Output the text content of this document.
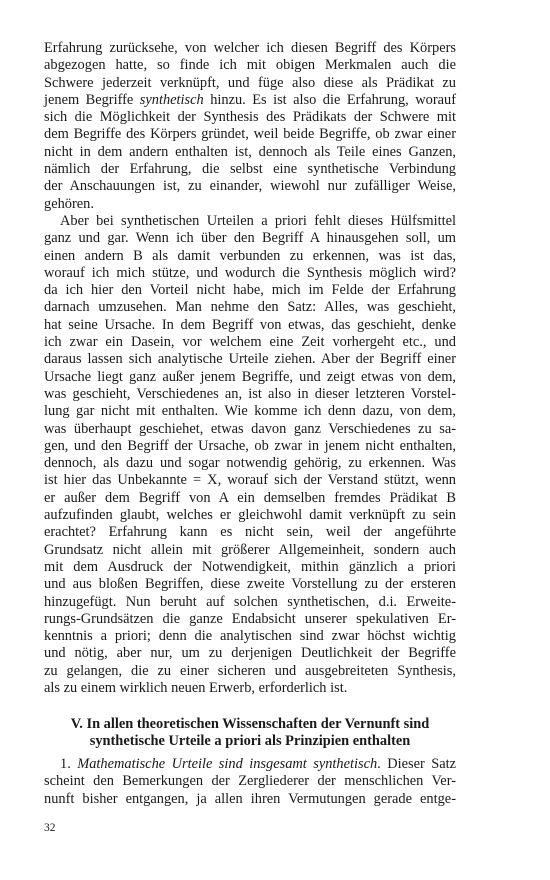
Erfahrung zurücksehe, von welcher ich diesen Begriff des Körpers
abgezogen hatte, so finde ich mit obigen Merkmalen auch die
Schwere jederzeit verknüpft, und füge also diese als Prädikat zu
jenem Begriffe synthetisch hinzu. Es ist also die Erfahrung, worauf
sich die Möglichkeit der Synthesis des Prädikats der Schwere mit
dem Begriffe des Körpers gründet, weil beide Begriffe, ob zwar einer
nicht in dem andern enthalten ist, dennoch als Teile eines Ganzen,
nämlich der Erfahrung, die selbst eine synthetische Verbindung
der Anschauungen ist, zu einander, wiewohl nur zufälliger Weise,
gehören.
Aber bei synthetischen Urteilen a priori fehlt dieses Hülfsmittel
ganz und gar. Wenn ich über den Begriff A hinausgehen soll, um
einen andern B als damit verbunden zu erkennen, was ist das,
worauf ich mich stütze, und wodurch die Synthesis möglich wird?
da ich hier den Vorteil nicht habe, mich im Felde der Erfahrung
darnach umzusehen. Man nehme den Satz: Alles, was geschieht,
hat seine Ursache. In dem Begriff von etwas, das geschieht, denke
ich zwar ein Dasein, vor welchem eine Zeit vorhergeht etc., und
daraus lassen sich analytische Urteile ziehen. Aber der Begriff einer
Ursache liegt ganz außer jenem Begriffe, und zeigt etwas von dem,
was geschieht, Verschiedenes an, ist also in dieser letzteren Vorstel-
lung gar nicht mit enthalten. Wie komme ich denn dazu, von dem,
was überhaupt geschiehet, etwas davon ganz Verschiedenes zu sa-
gen, und den Begriff der Ursache, ob zwar in jenem nicht enthalten,
dennoch, als dazu und sogar notwendig gehörig, zu erkennen. Was
ist hier das Unbekannte = X, worauf sich der Verstand stützt, wenn
er außer dem Begriff von A ein demselben fremdes Prädikat B
aufzufinden glaubt, welches er gleichwohl damit verknüpft zu sein
erachtet? Erfahrung kann es nicht sein, weil der angeführte
Grundsatz nicht allein mit größerer Allgemeinheit, sondern auch
mit dem Ausdruck der Notwendigkeit, mithin gänzlich a priori
und aus bloßen Begriffen, diese zweite Vorstellung zu der ersteren
hinzugefügt. Nun beruht auf solchen synthetischen, d.i. Erweite-
rungs-Grundsätzen die ganze Endabsicht unserer spekulativen Er-
kenntnis a priori; denn die analytischen sind zwar höchst wichtig
und nötig, aber nur, um zu derjenigen Deutlichkeit der Begriffe
zu gelangen, die zu einer sicheren und ausgebreiteten Synthesis,
als zu einem wirklich neuen Erwerb, erforderlich ist.
V. In allen theoretischen Wissenschaften der Vernunft sind
synthetische Urteile a priori als Prinzipien enthalten
1. Mathematische Urteile sind insgesamt synthetisch. Dieser Satz
scheint den Bemerkungen der Zergliederer der menschlichen Ver-
nunft bisher entgangen, ja allen ihren Vermutungen gerade entge-
32
